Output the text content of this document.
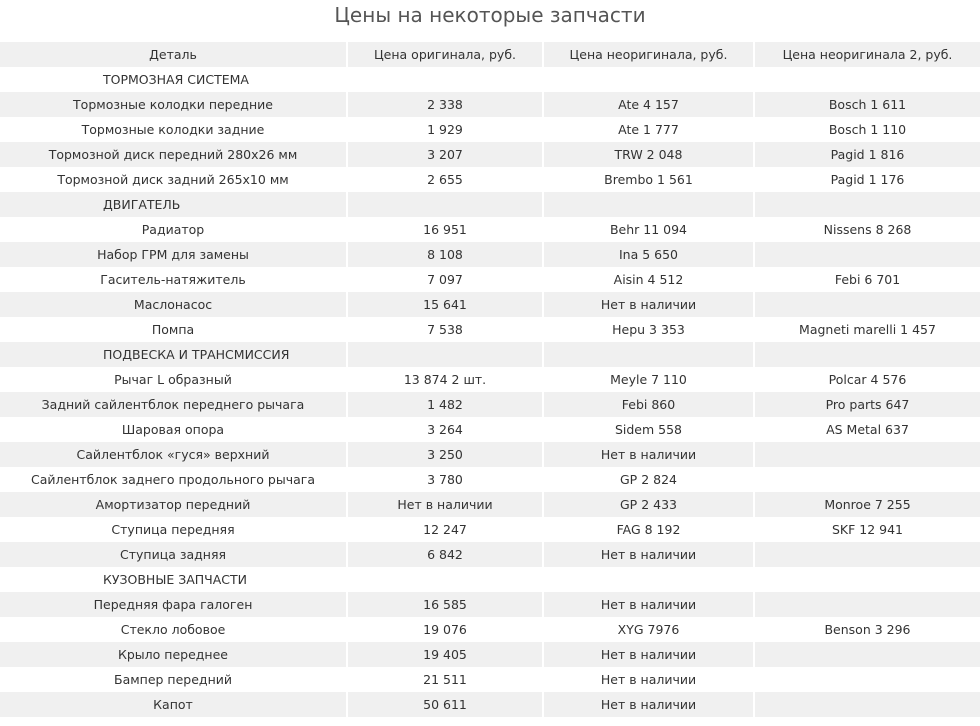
Цены на некоторые запчасти
Деталь	Цена оригинала, руб.	Цена неоригинала, руб.	Цена неоригинала 2, руб.
ТОРМОЗНАЯ СИСТЕМА			
Тормозные колодки передние	2 338	Ate 4 157	Bosch 1 611
Тормозные колодки задние	1 929	Ate 1 777	Bosch 1 110
Тормозной диск передний 280x26 мм	3 207	TRW 2 048	Pagid 1 816
Тормозной диск задний 265x10 мм	2 655	Brembo 1 561	Pagid 1 176
ДВИГАТЕЛЬ			
Радиатор	16 951	Behr 11 094	Nissens 8 268
Набор ГРМ для замены	8 108	Ina 5 650	
Гаситель-натяжитель	7 097	Aisin 4 512	Febi 6 701
Маслонасос	15 641	Нет в наличии	
Помпа	7 538	Hepu 3 353	Magneti marelli 1 457
ПОДВЕСКА И ТРАНСМИССИЯ			
Рычаг L образный	13 874 2 шт.	Meyle 7 110	Polcar 4 576
Задний сайлентблок переднего рычага	1 482	Febi 860	Pro parts 647
Шаровая опора	3 264	Sidem 558	AS Metal 637
Сайлентблок «гуся» верхний	3 250	Нет в наличии	
Сайлентблок заднего продольного рычага	3 780	GP 2 824	
Амортизатор передний	Нет в наличии	GP 2 433	Monroe 7 255
Ступица передняя	12 247	FAG 8 192	SKF 12 941
Ступица задняя	6 842	Нет в наличии	
КУЗОВНЫЕ ЗАПЧАСТИ			
Передняя фара галоген	16 585	Нет в наличии	
Стекло лобовое	19 076	XYG 7976	Benson 3 296
Крыло переднее	19 405	Нет в наличии	
Бампер передний	21 511	Нет в наличии	
Капот	50 611	Нет в наличии	
